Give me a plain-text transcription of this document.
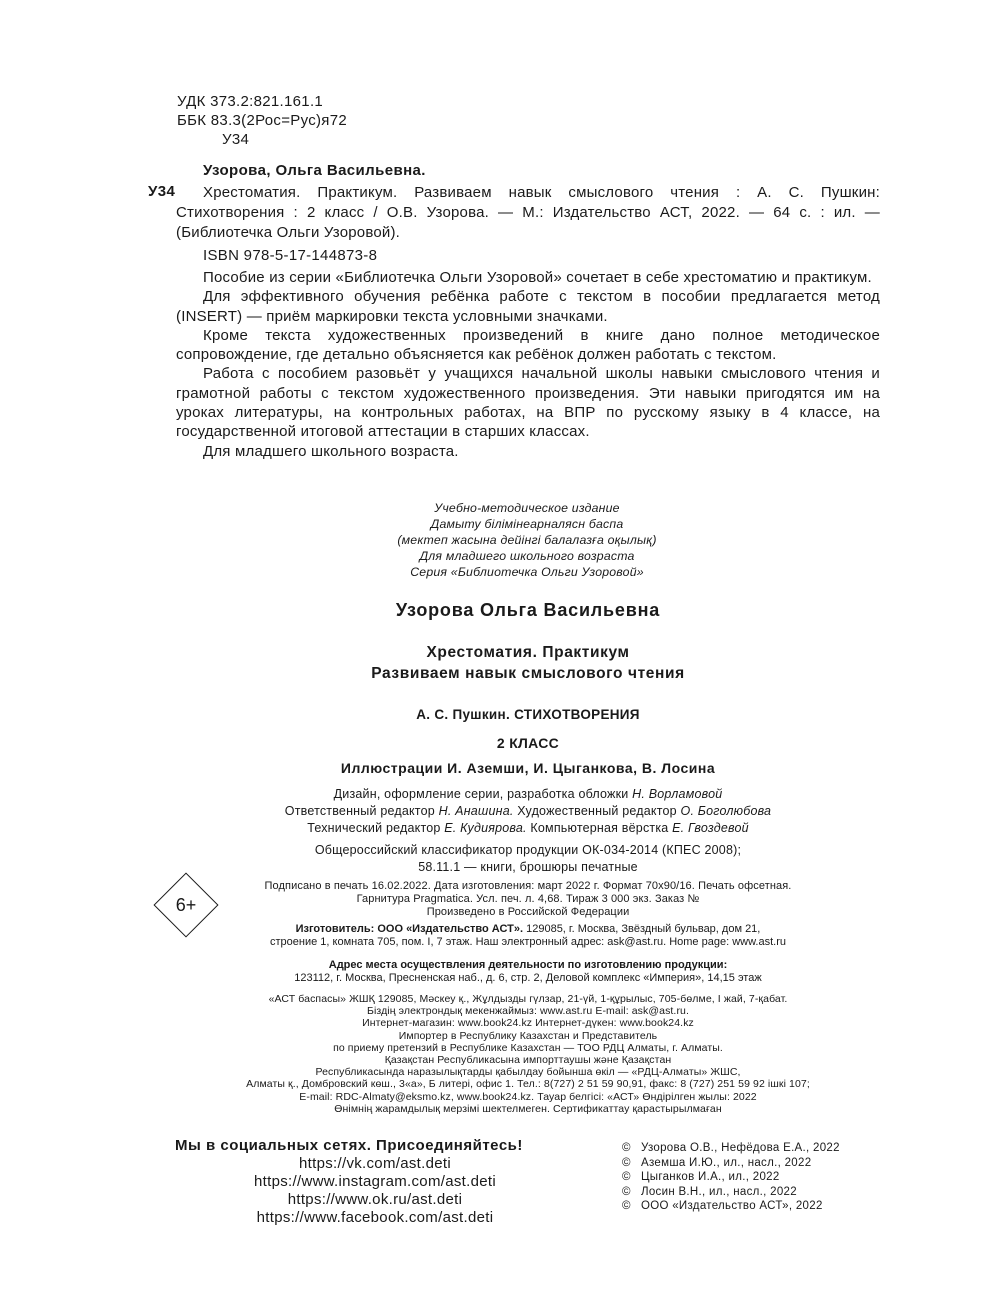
УДК 373.2:821.161.1
ББК 83.3(2Рос=Рус)я72
У34
Узорова, Ольга Васильевна.
У34	Хрестоматия. Практикум. Развиваем навык смыслового чтения : А. С. Пушкин: Стихотворения : 2 класс / О.В. Узорова. — М.: Издательство АСТ, 2022. — 64 с. : ил. — (Библиотечка Ольги Узоровой).
ISBN 978-5-17-144873-8

Пособие из серии «Библиотечка Ольги Узоровой» сочетает в себе хрестоматию и практикум.

Для эффективного обучения ребёнка работе с текстом в пособии предлагается метод (INSERT) — приём маркировки текста условными значками.

Кроме текста художественных произведений в книге дано полное методическое сопровождение, где детально объясняется как ребёнок должен работать с текстом.

Работа с пособием разовьёт у учащихся начальной школы навыки смыслового чтения и грамотной работы с текстом художественного произведения. Эти навыки пригодятся им на уроках литературы, на контрольных работах, на ВПР по русскому языку в 4 классе, на государственной итоговой аттестации в старших классах.

Для младшего школьного возраста.

Учебно-методическое издание
Дамыту білімінеарналясн баспа
(мектеп жасына дейінгі балалазға оқылық)
Для младшего школьного возраста
Серия «Библиотечка Ольги Узоровой»
Узорова Ольга Васильевна
Хрестоматия. Практикум
Развиваем навык смыслового чтения
А. С. Пушкин. СТИХОТВОРЕНИЯ
2 КЛАСС
Иллюстрации И. Аземши, И. Цыганкова, В. Лосина
Дизайн, оформление серии, разработка обложки Н. Ворламовой
Ответственный редактор Н. Анашина. Художественный редактор О. Боголюбова
Технический редактор Е. Кудиярова. Компьютерная вёрстка Е. Гвоздевой
Общероссийский классификатор продукции ОК-034-2014 (КПЕС 2008);
58.11.1 — книги, брошюры печатные
6+
Подписано в печать 16.02.2022. Дата изготовления: март 2022 г. Формат 70х90/16. Печать офсетная.
Гарнитура Pragmatica. Усл. печ. л. 4,68. Тираж 3 000 экз. Заказ №
Произведено в Российской Федерации
Изготовитель: ООО «Издательство АСТ». 129085, г. Москва, Звёздный бульвар, дом 21,
строение 1, комната 705, пом. I, 7 этаж. Наш электронный адрес: ask@ast.ru. Home page: www.ast.ru
Адрес места осуществления деятельности по изготовлению продукции:
123112, г. Москва, Пресненская наб., д. 6, стр. 2, Деловой комплекс «Империя», 14,15 этаж
«АСТ баспасы» ЖШҚ 129085, Мәскеу қ., Жұлдызды гүлзар, 21-үй, 1-құрылыс, 705-бөлме, I жай, 7-қабат.
Біздің электрондық мекенжаймыз: www.ast.ru E-mail: ask@ast.ru.
Интернет-магазин: www.book24.kz Интернет-дүкен: www.book24.kz
Импортер в Республику Казахстан и Представитель
по приему претензий в Республике Казахстан — ТОО РДЦ Алматы, г. Алматы.
Қазақстан Республикасына импорттаушы және Қазақстан
Республикасында наразылықтарды қабылдау бойынша өкіл — «РДЦ-Алматы» ЖШС,
Алматы қ., Домбровский көш., 3«а», Б литері, офис 1. Тел.: 8(727) 2 51 59 90,91, факс: 8 (727) 251 59 92 ішкі 107;
E-mail: RDC-Almaty@eksmo.kz, www.book24.kz. Тауар белгісі: «АСТ» Өндірілген жылы: 2022
Өнімнің жарамдылық мерзімі шектелмеген. Сертификаттау қарастырылмаған
Мы в социальных сетях. Присоединяйтесь!
https://vk.com/ast.deti
https://www.instagram.com/ast.deti
https://www.ok.ru/ast.deti
https://www.facebook.com/ast.deti
© Узорова О.В., Нефёдова Е.А., 2022
© Аземша И.Ю., ил., насл., 2022
© Цыганков И.А., ил., 2022
© Лосин В.Н., ил., насл., 2022
© ООО «Издательство АСТ», 2022
